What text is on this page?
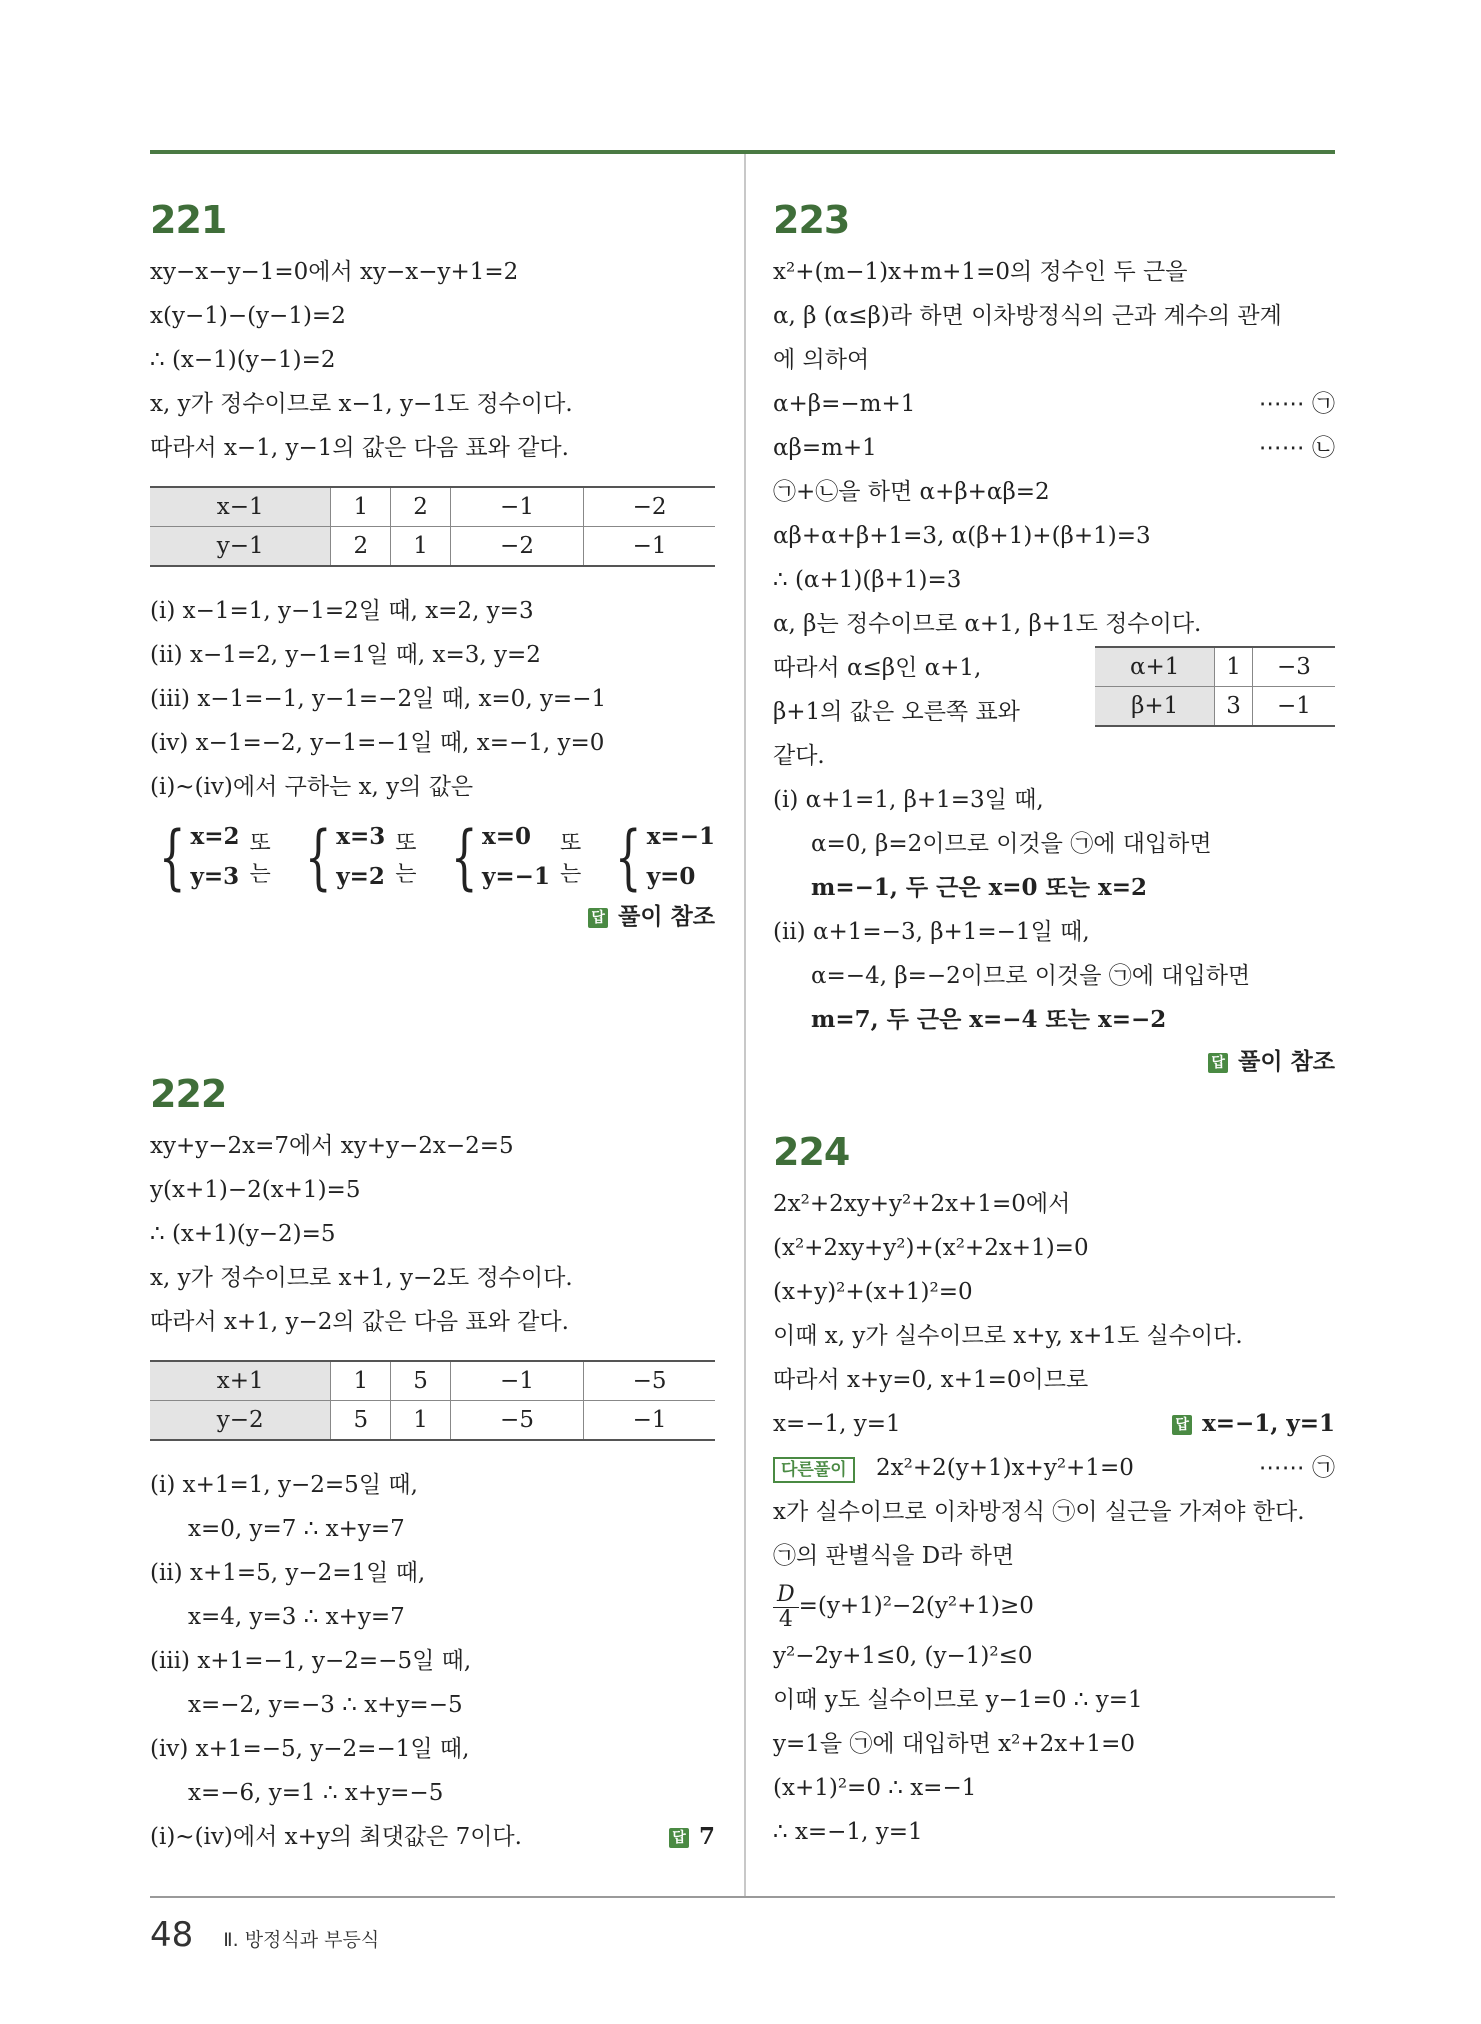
221
xy−x−y−1=0에서 xy−x−y+1=2
x(y−1)−(y−1)=2
∴ (x−1)(y−1)=2
x, y가 정수이므로 x−1, y−1도 정수이다.
따라서 x−1, y−1의 값은 다음 표와 같다.
x−1	1	2	−1	−2
y−1	2	1	−2	−1
(ⅰ) x−1=1, y−1=2일 때, x=2, y=3
(ⅱ) x−1=2, y−1=1일 때, x=3, y=2
(ⅲ) x−1=−1, y−1=−2일 때, x=0, y=−1
(ⅳ) x−1=−2, y−1=−1일 때, x=−1, y=0
(ⅰ)~(ⅳ)에서 구하는 x, y의 값은
{ x=2
y=3
또는 { x=3
y=2
또는 { x=0
y=−1
또는 { x=−1
y=0
답 풀이 참조
222
xy+y−2x=7에서 xy+y−2x−2=5
y(x+1)−2(x+1)=5
∴ (x+1)(y−2)=5
x, y가 정수이므로 x+1, y−2도 정수이다.
따라서 x+1, y−2의 값은 다음 표와 같다.
x+1	1	5	−1	−5
y−2	5	1	−5	−1
(ⅰ) x+1=1, y−2=5일 때,
x=0, y=7 ∴ x+y=7
(ⅱ) x+1=5, y−2=1일 때,
x=4, y=3 ∴ x+y=7
(ⅲ) x+1=−1, y−2=−5일 때,
x=−2, y=−3 ∴ x+y=−5
(ⅳ) x+1=−5, y−2=−1일 때,
x=−6, y=1 ∴ x+y=−5
(ⅰ)~(ⅳ)에서 x+y의 최댓값은 7이다.	답 7
223
x²+(m−1)x+m+1=0의 정수인 두 근을
α, β (α≤β)라 하면 이차방정식의 근과 계수의 관계
에 의하여
α+β=−m+1	⋯⋯ ㉠
αβ=m+1	⋯⋯ ㉡
㉠+㉡을 하면 α+β+αβ=2
αβ+α+β+1=3, α(β+1)+(β+1)=3
∴ (α+1)(β+1)=3
α, β는 정수이므로 α+1, β+1도 정수이다.
α+1	1	−3
β+1	3	−1
따라서 α≤β인 α+1,
β+1의 값은 오른쪽 표와
같다.
(ⅰ) α+1=1, β+1=3일 때,
α=0, β=2이므로 이것을 ㉠에 대입하면
m=−1, 두 근은 x=0 또는 x=2
(ⅱ) α+1=−3, β+1=−1일 때,
α=−4, β=−2이므로 이것을 ㉠에 대입하면
m=7, 두 근은 x=−4 또는 x=−2
답 풀이 참조
224
2x²+2xy+y²+2x+1=0에서
(x²+2xy+y²)+(x²+2x+1)=0
(x+y)²+(x+1)²=0
이때 x, y가 실수이므로 x+y, x+1도 실수이다.
따라서 x+y=0, x+1=0이므로
x=−1, y=1	답 x=−1, y=1
다른풀이 2x²+2(y+1)x+y²+1=0	⋯⋯ ㉠
x가 실수이므로 이차방정식 ㉠이 실근을 가져야 한다.
㉠의 판별식을 D라 하면
$\frac{D}{4} =(y+1)^2-2(y^2+1)\ge 0$
y²−2y+1≤0, (y−1)²≤0
이때 y도 실수이므로 y−1=0 ∴ y=1
y=1을 ㉠에 대입하면 x²+2x+1=0
(x+1)²=0 ∴ x=−1
∴ x=−1, y=1
48 Ⅱ. 방정식과 부등식
